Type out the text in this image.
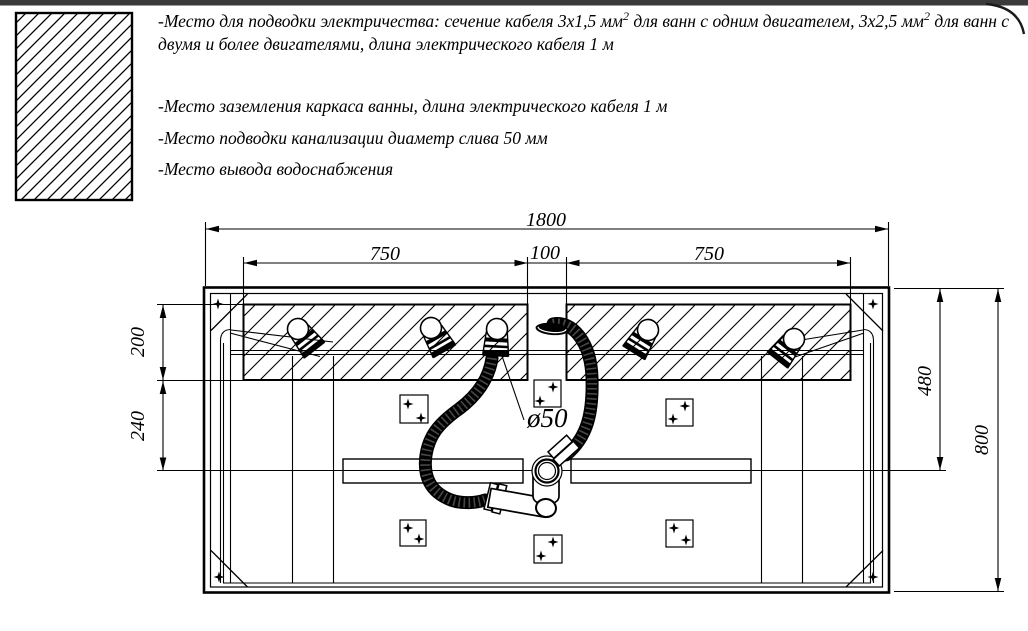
1800
750	100	750
200
240
480
800
ø50

-Место для подводки электричества: сечение кабеля 3х1,5 $мм^2$ для ванн с одним двигателем, 3х2,5 $мм^2$ для ванн с двумя и более двигателями, длина электрического кабеля 1 м

-Место заземления каркаса ванны, длина электрического кабеля 1 м

-Место подводки канализации диаметр слива 50 мм

-Место вывода водоснабжения
